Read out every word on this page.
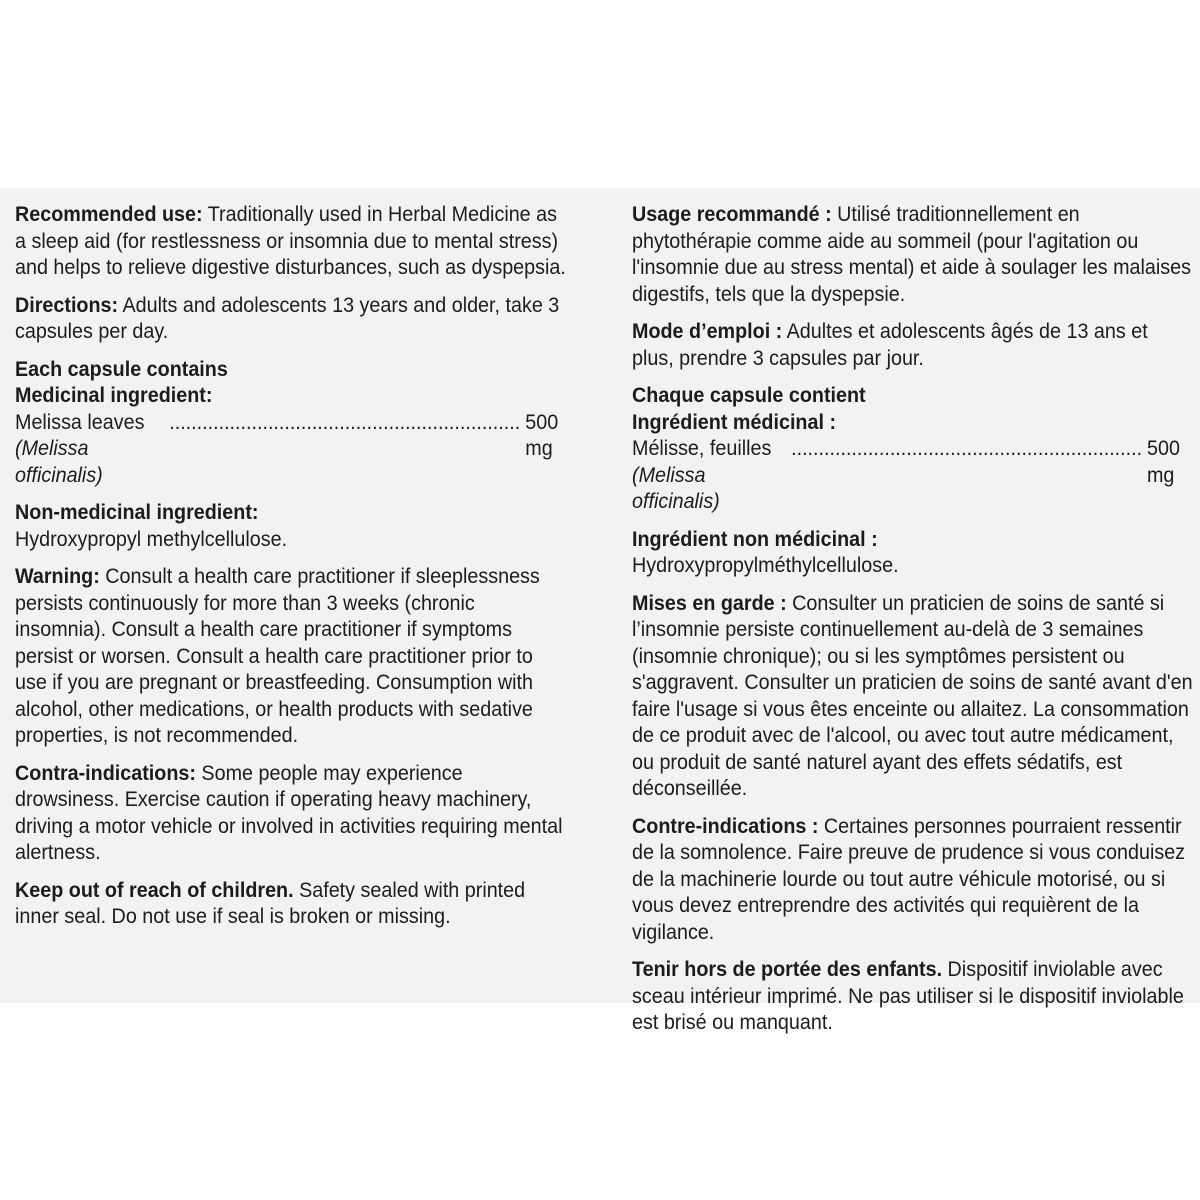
Recommended use: Traditionally used in Herbal Medicine as a sleep aid (for restlessness or insomnia due to mental stress) and helps to relieve digestive disturbances, such as dyspepsia.

Directions: Adults and adolescents 13 years and older, take 3 capsules per day.

Each capsule contains

Medicinal ingredient:

Melissa leaves (Melissa officinalis)
.....
500 mg

Non-medicinal ingredient:

Hydroxypropyl methylcellulose.

Warning: Consult a health care practitioner if sleeplessness persists continuously for more than 3 weeks (chronic insomnia). Consult a health care practitioner if symptoms persist or worsen. Consult a health care practitioner prior to use if you are pregnant or breastfeeding. Consumption with alcohol, other medications, or health products with sedative properties, is not recommended.

Contra-indications: Some people may experience drowsiness. Exercise caution if operating heavy machinery, driving a motor vehicle or involved in activities requiring mental alertness.

Keep out of reach of children. Safety sealed with printed inner seal. Do not use if seal is broken or missing.

Usage recommandé : Utilisé traditionnellement en phytothérapie comme aide au sommeil (pour l'agitation ou l'insomnie due au stress mental) et aide à soulager les malaises digestifs, tels que la dyspepsie.

Mode d’emploi : Adultes et adolescents âgés de 13 ans et plus, prendre 3 capsules par jour.

Chaque capsule contient

Ingrédient médicinal :

Mélisse, feuilles (Melissa officinalis)
.....
500 mg

Ingrédient non médicinal :

Hydroxypropylméthylcellulose.

Mises en garde : Consulter un praticien de soins de santé si l’insomnie persiste continuellement au-delà de 3 semaines (insomnie chronique); ou si les symptômes persistent ou s'aggravent. Consulter un praticien de soins de santé avant d'en faire l'usage si vous êtes enceinte ou allaitez. La consommation de ce produit avec de l'alcool, ou avec tout autre médicament, ou produit de santé naturel ayant des effets sédatifs, est déconseillée.

Contre-indications : Certaines personnes pourraient ressentir de la somnolence. Faire preuve de prudence si vous conduisez de la machinerie lourde ou tout autre véhicule motorisé, ou si vous devez entreprendre des activités qui requièrent de la vigilance.

Tenir hors de portée des enfants. Dispositif inviolable avec sceau intérieur imprimé. Ne pas utiliser si le dispositif inviolable est brisé ou manquant.
